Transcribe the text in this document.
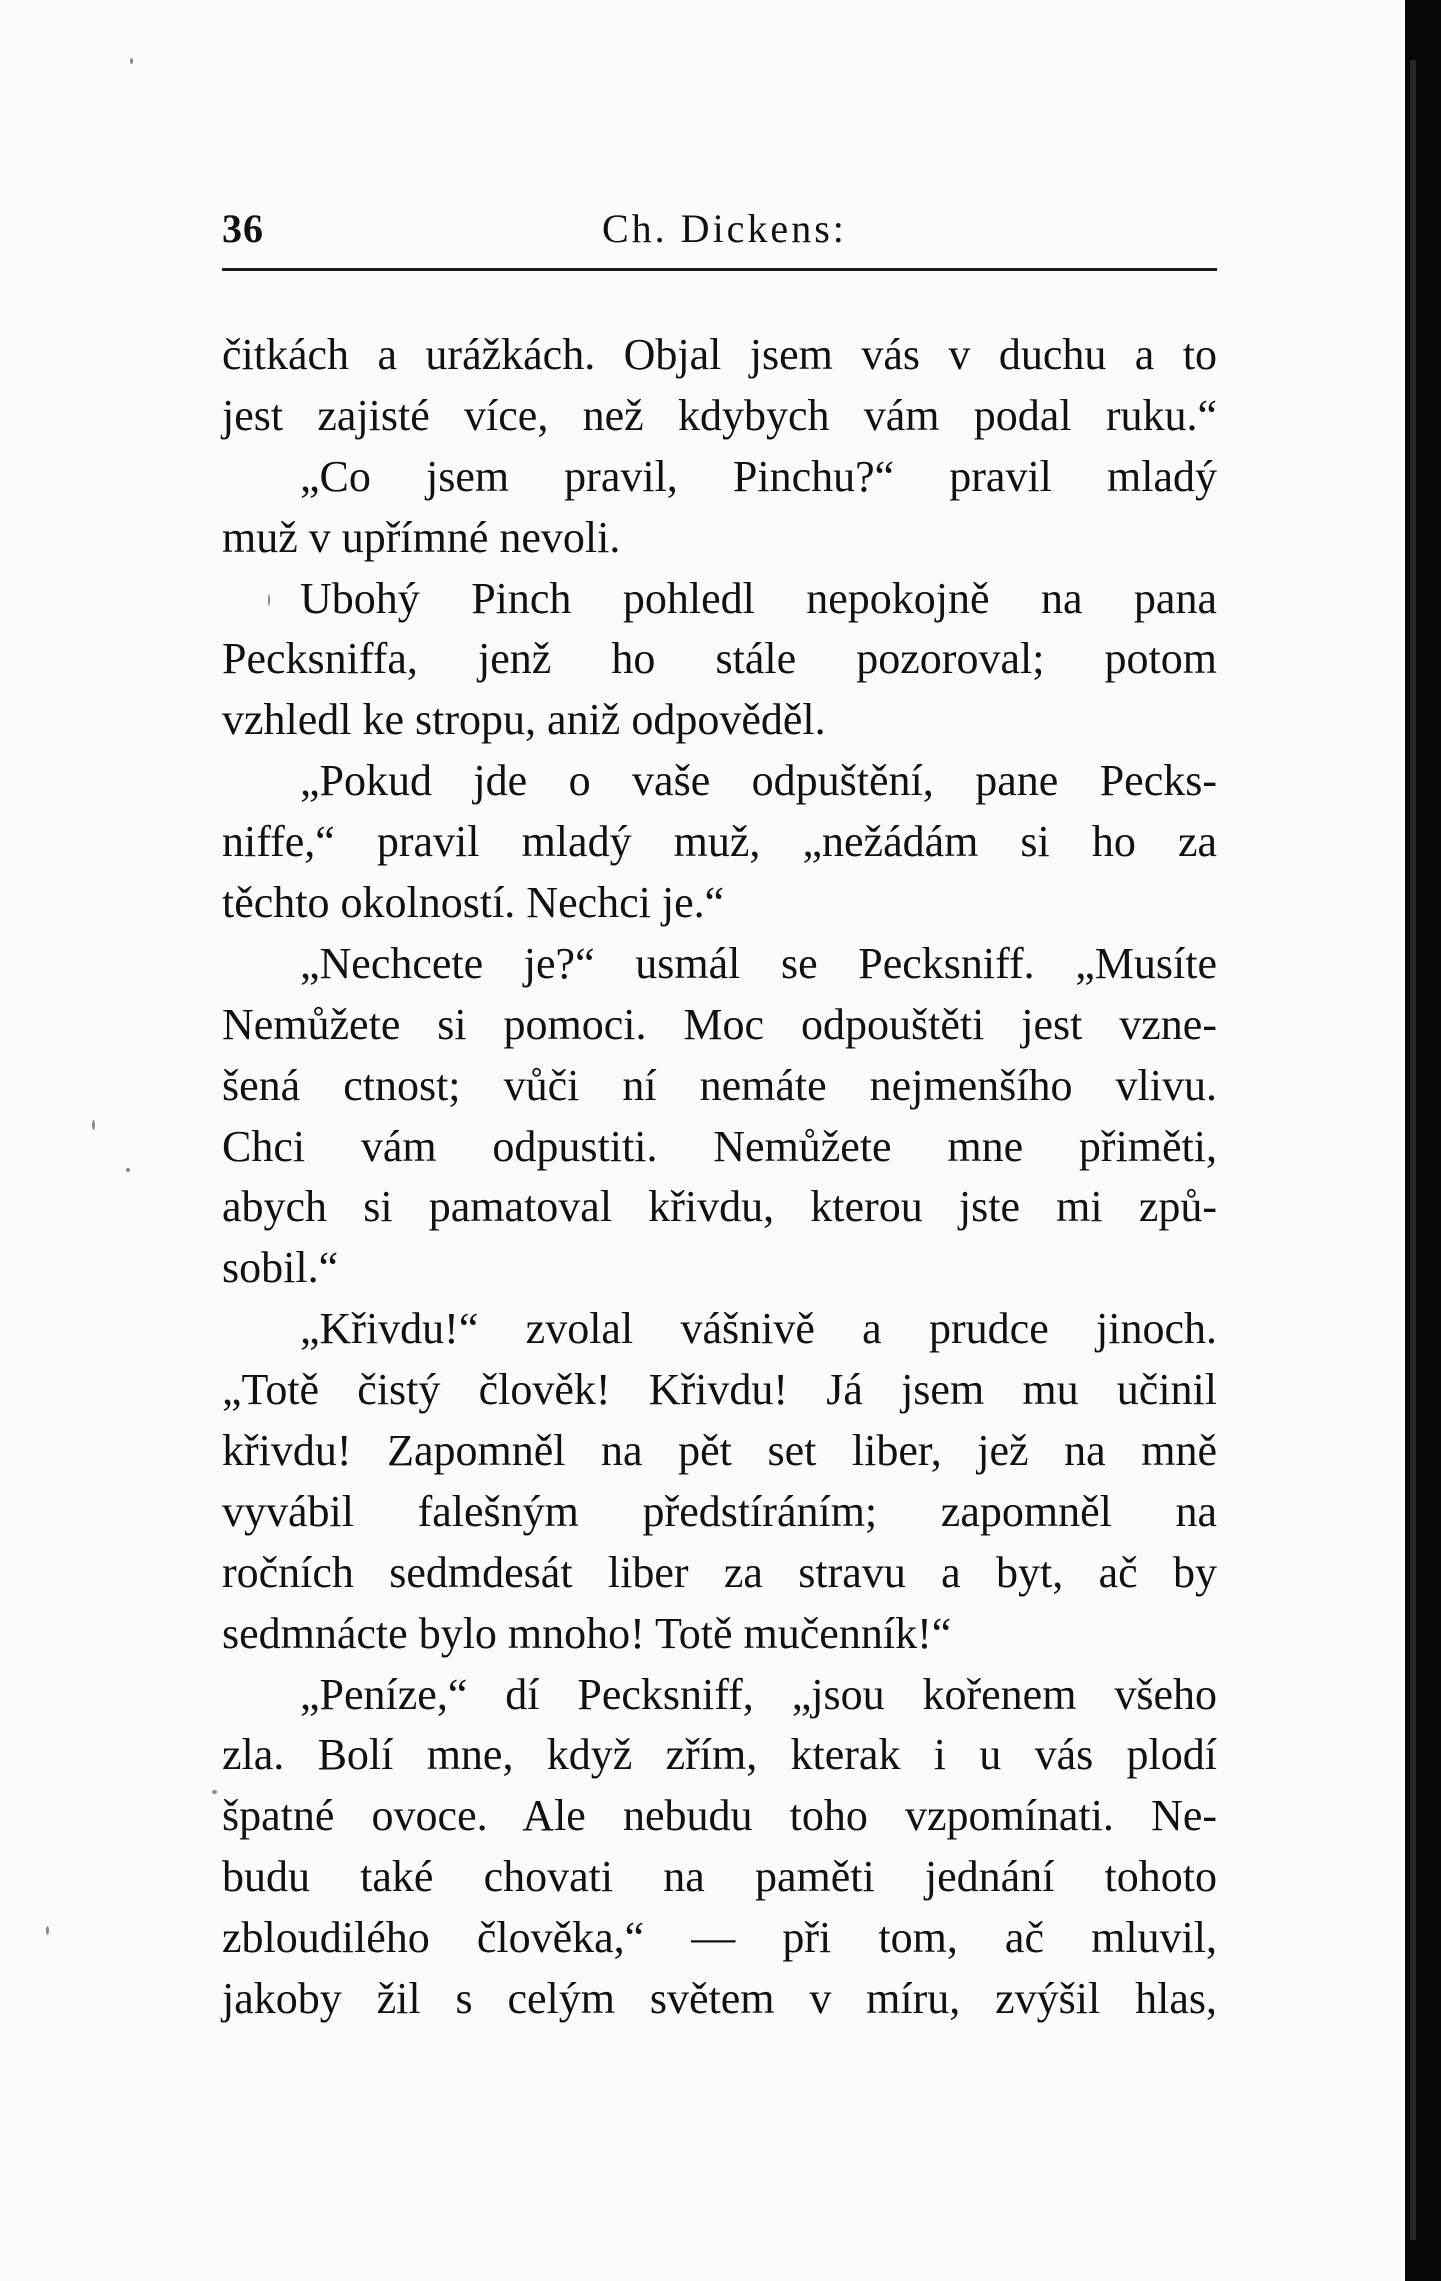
36	Ch. Dickens:
čitkách a urážkách. Objal jsem vás v duchu a to
jest zajisté více, než kdybych vám podal ruku.“
„Co jsem pravil, Pinchu?“ pravil mladý
muž v upřímné nevoli.
Ubohý Pinch pohledl nepokojně na pana
Pecksniffa, jenž ho stále pozoroval; potom
vzhledl ke stropu, aniž odpověděl.
„Pokud jde o vaše odpuštění, pane Pecks-
niffe,“ pravil mladý muž, „nežádám si ho za
těchto okolností. Nechci je.“
„Nechcete je?“ usmál se Pecksniff. „Musíte
Nemůžete si pomoci. Moc odpouštěti jest vzne-
šená ctnost; vůči ní nemáte nejmenšího vlivu.
Chci vám odpustiti. Nemůžete mne přiměti,
abych si pamatoval křivdu, kterou jste mi způ-
sobil.“
„Křivdu!“ zvolal vášnivě a prudce jinoch.
„Totě čistý člověk! Křivdu! Já jsem mu učinil
křivdu! Zapomněl na pět set liber, jež na mně
vyvábil falešným předstíráním; zapomněl na
ročních sedmdesát liber za stravu a byt, ač by
sedmnácte bylo mnoho! Totě mučenník!“
„Peníze,“ dí Pecksniff, „jsou kořenem všeho
zla. Bolí mne, když zřím, kterak i u vás plodí
špatné ovoce. Ale nebudu toho vzpomínati. Ne-
budu také chovati na paměti jednání tohoto
zbloudilého člověka,“ — při tom, ač mluvil,
jakoby žil s celým světem v míru, zvýšil hlas,
